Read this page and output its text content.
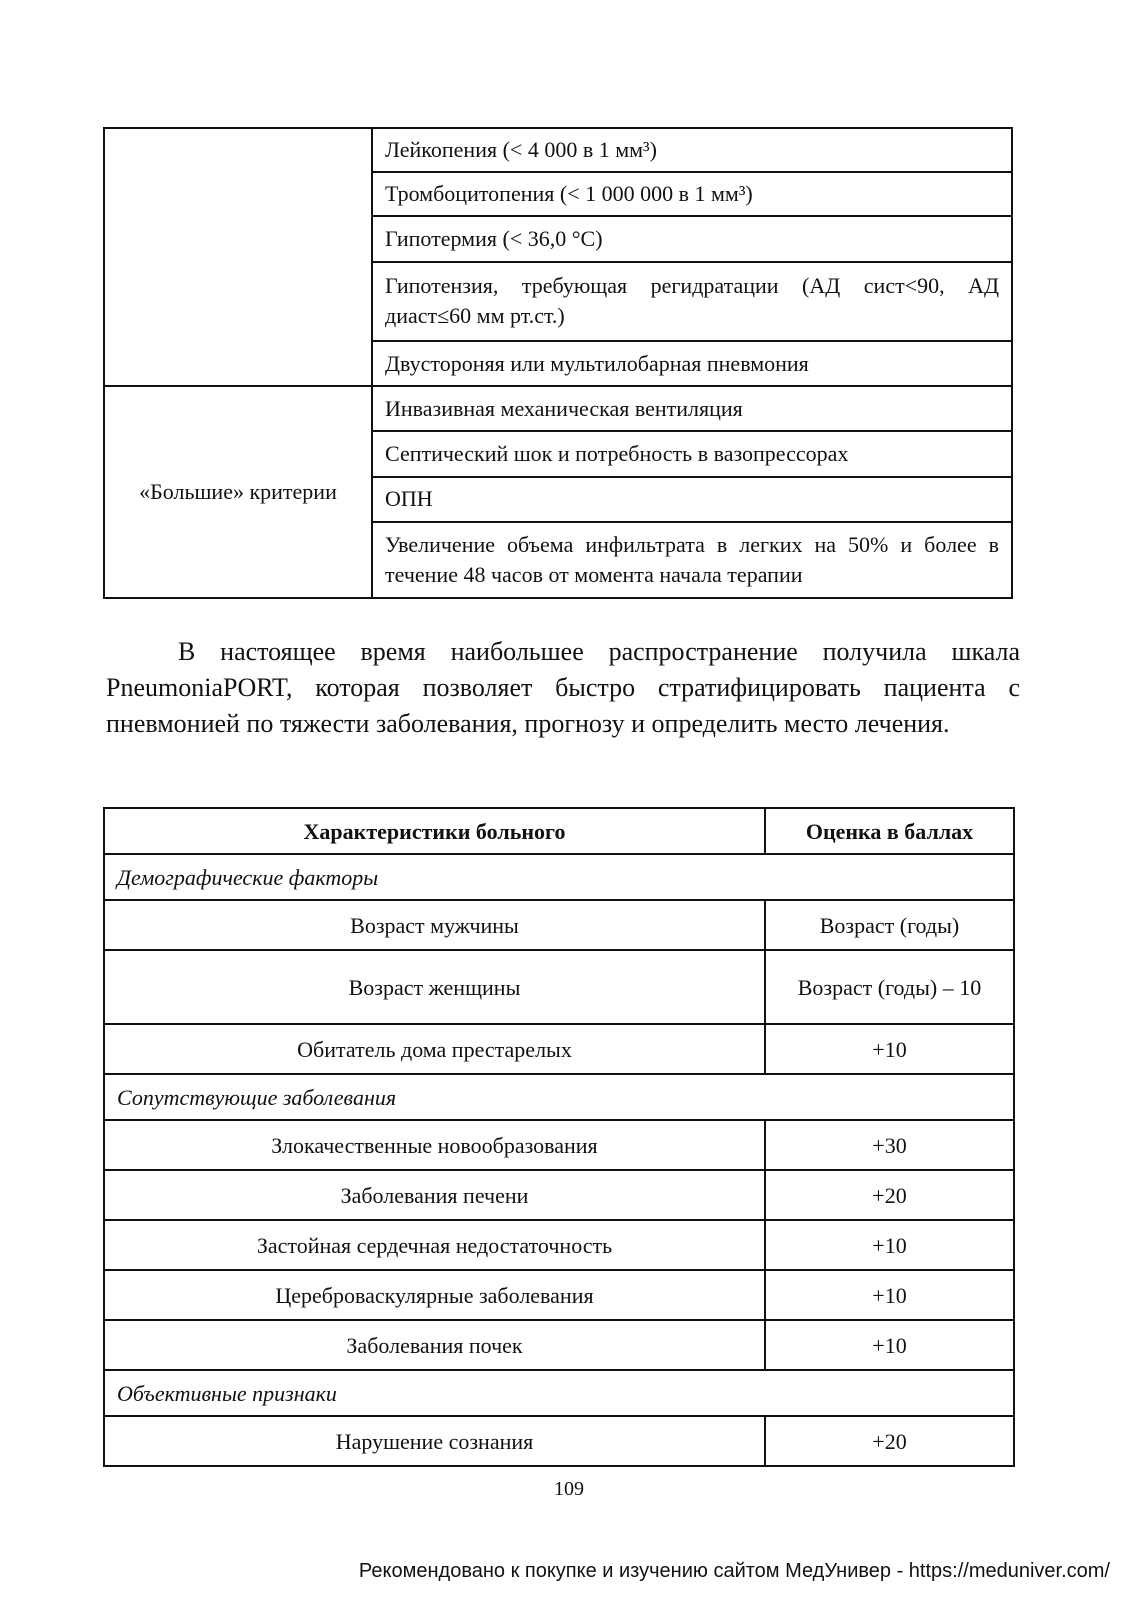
	Лейкопения (< 4 000 в 1 мм³)
	Тромбоцитопения (< 1 000 000 в 1 мм³)
	Гипотермия (< 36,0 °C)
	Гипотензия, требующая регидратации (АД сист<90, АД диаст≤60 мм рт.ст.)
	Двустороняя или мультилобарная пневмония
«Большие» критерии	Инвазивная механическая вентиляция
	Септический шок и потребность в вазопрессорах
	ОПН
	Увеличение объема инфильтрата в легких на 50% и более в течение 48 часов от момента начала терапии

В настоящее время наибольшее распространение получила шкала PneumoniaPORT, которая позволяет быстро стратифицировать пациента с пневмонией по тяжести заболевания, прогнозу и определить место лечения.

Характеристики больного	Оценка в баллах
Демографические факторы	
Возраст мужчины	Возраст (годы)
Возраст женщины	Возраст (годы) – 10
Обитатель дома престарелых	+10
Сопутствующие заболевания	
Злокачественные новообразования	+30
Заболевания печени	+20
Застойная сердечная недостаточность	+10
Цереброваскулярные заболевания	+10
Заболевания почек	+10
Объективные признаки	
Нарушение сознания	+20
109
Рекомендовано к покупке и изучению сайтом МедУнивер - https://meduniver.com/
